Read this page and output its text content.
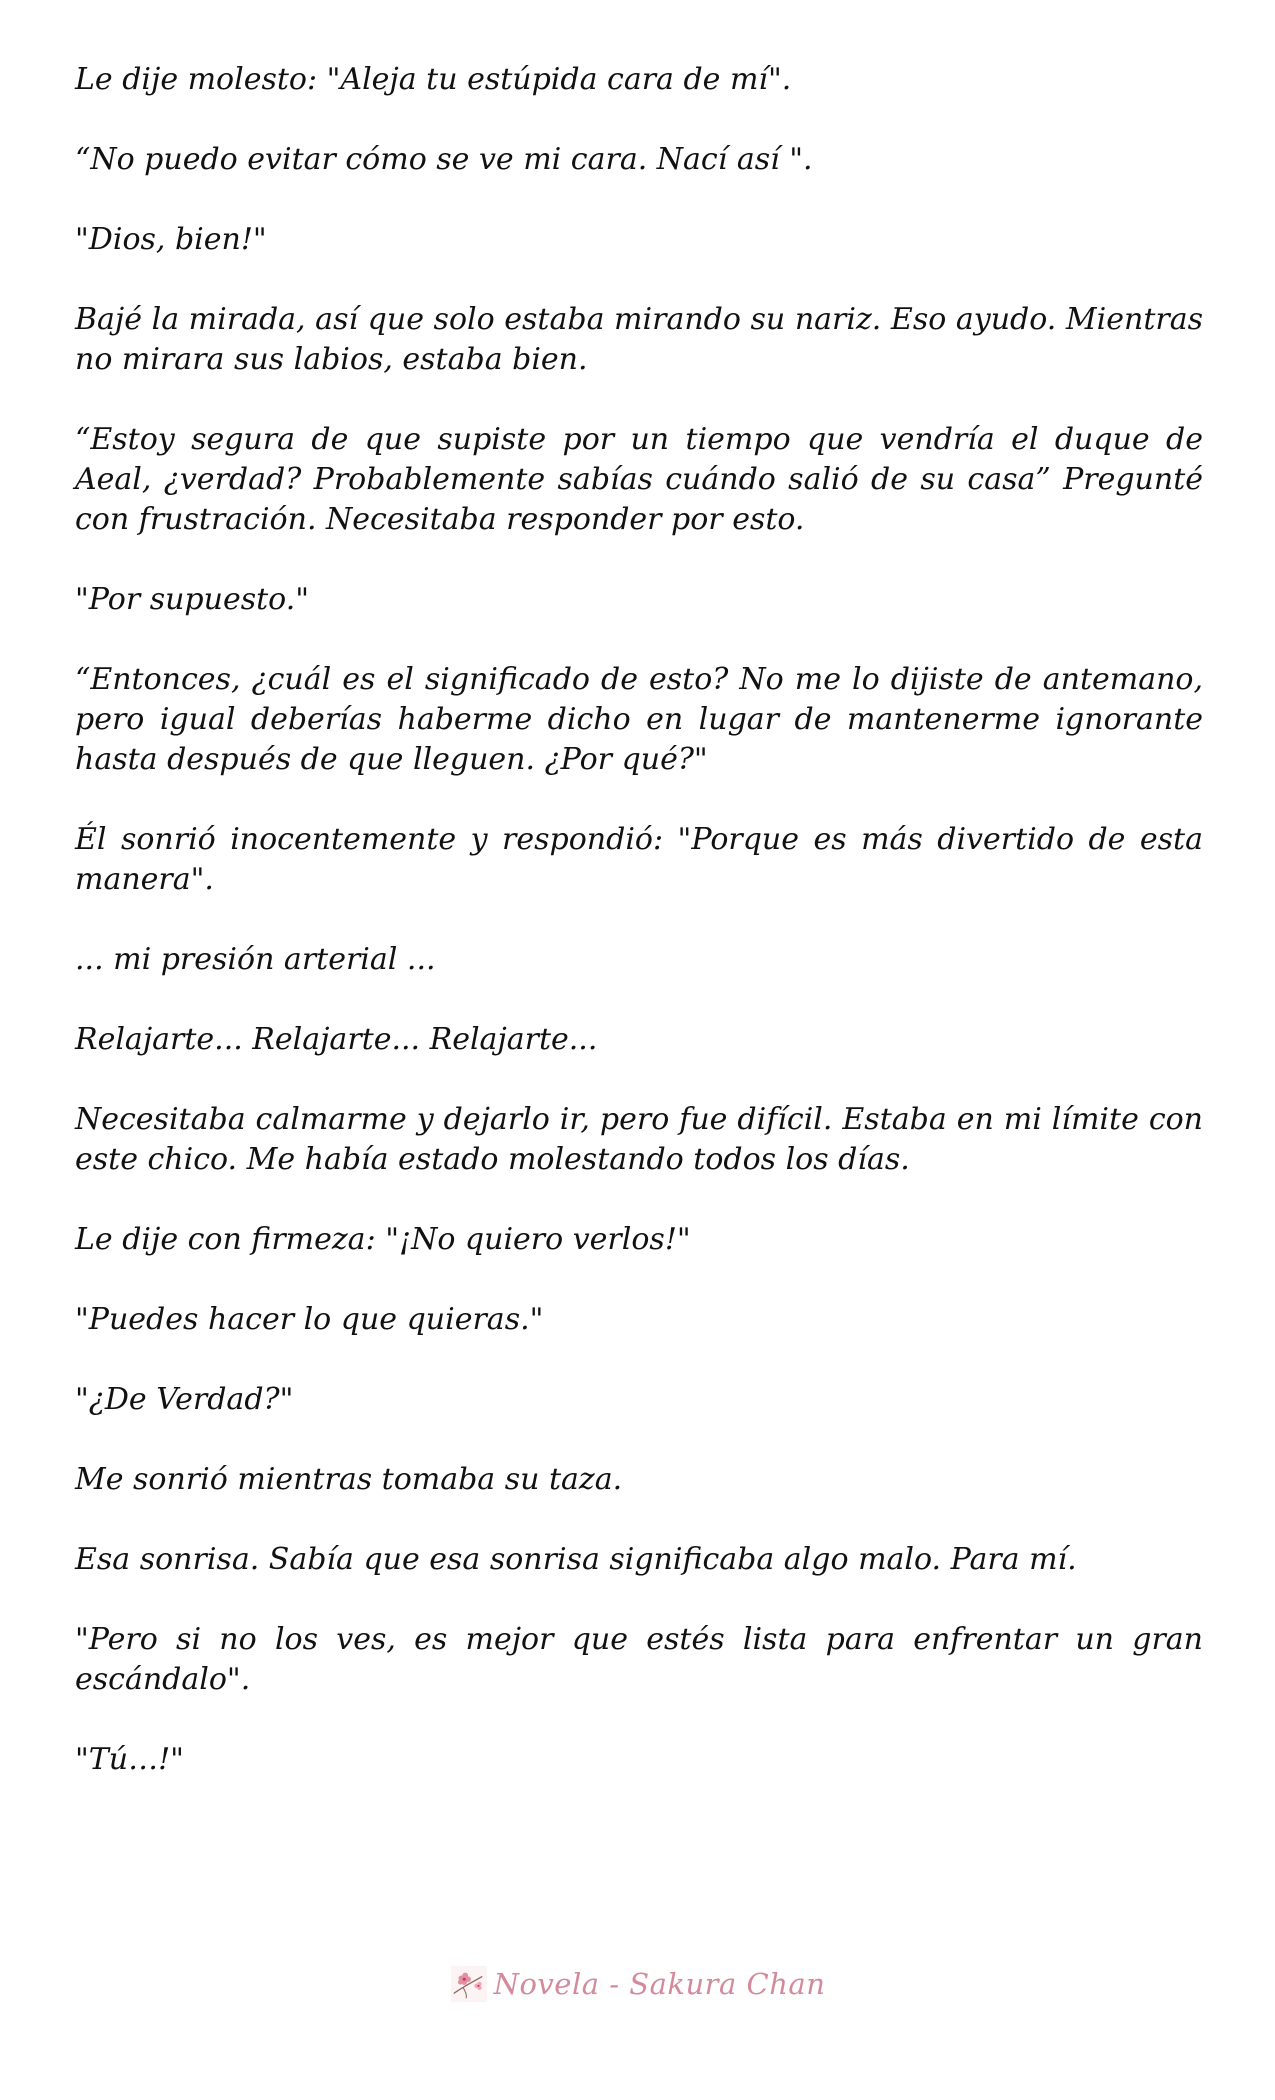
Le dije molesto: "Aleja tu estúpida cara de mí".

“No puedo evitar cómo se ve mi cara. Nací así ".

"Dios, bien!"

Bajé la mirada, así que solo estaba mirando su nariz. Eso ayudo. Mientras no mirara sus labios, estaba bien.

“Estoy segura de que supiste por un tiempo que vendría el duque de Aeal, ¿verdad? Probablemente sabías cuándo salió de su casa” Pregunté con frustración. Necesitaba responder por esto.

"Por supuesto."

“Entonces, ¿cuál es el significado de esto? No me lo dijiste de antemano, pero igual deberías haberme dicho en lugar de mantenerme ignorante hasta después de que lleguen. ¿Por qué?"

Él sonrió inocentemente y respondió: "Porque es más divertido de esta manera".

... mi presión arterial ...

Relajarte... Relajarte... Relajarte...

Necesitaba calmarme y dejarlo ir, pero fue difícil. Estaba en mi límite con este chico. Me había estado molestando todos los días.

Le dije con firmeza: "¡No quiero verlos!"

"Puedes hacer lo que quieras."

"¿De Verdad?"

Me sonrió mientras tomaba su taza.

Esa sonrisa. Sabía que esa sonrisa significaba algo malo. Para mí.

"Pero si no los ves, es mejor que estés lista para enfrentar un gran escándalo".

"Tú…!"

Novela - Sakura Chan
